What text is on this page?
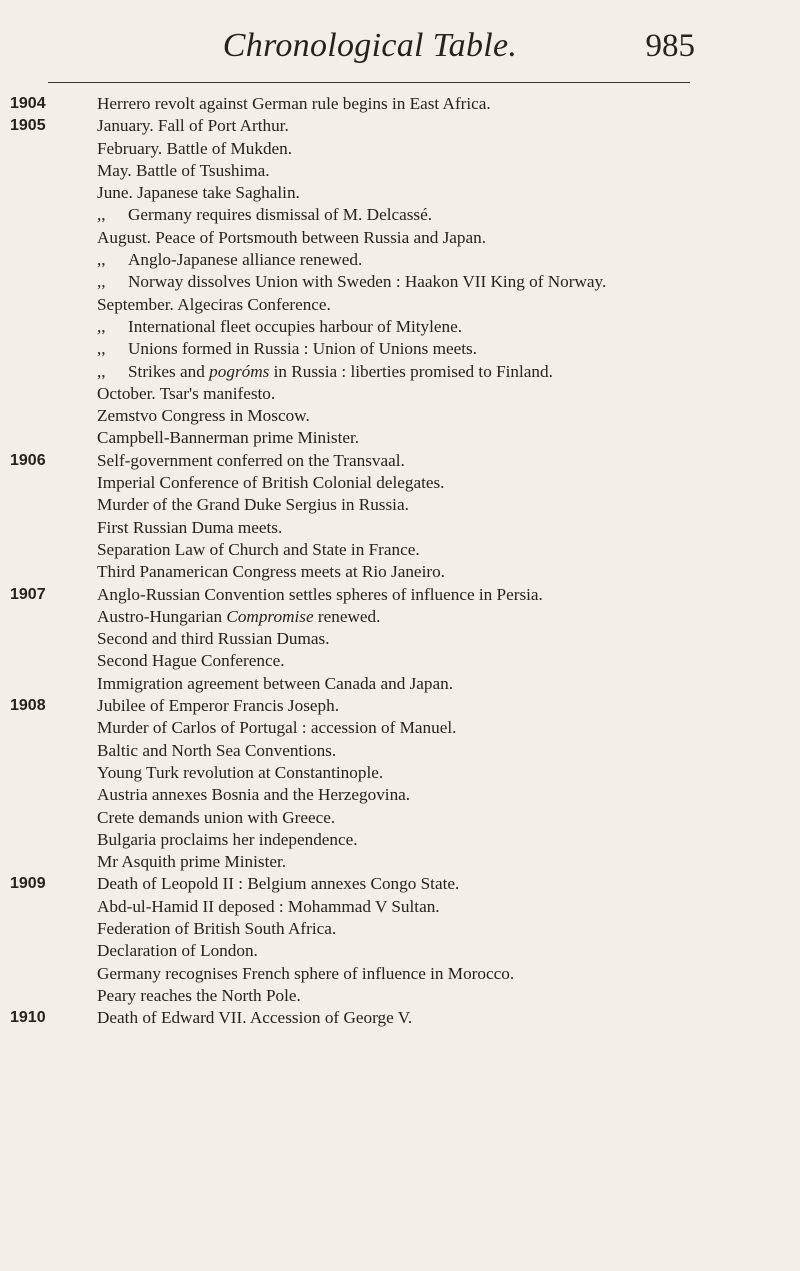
Chronological Table.	985
1904	Herrero revolt against German rule begins in East Africa.
1905	January. Fall of Port Arthur.
February. Battle of Mukden.
May. Battle of Tsushima.
June. Japanese take Saghalin.
,, Germany requires dismissal of M. Delcassé.
August. Peace of Portsmouth between Russia and Japan.
,, Anglo-Japanese alliance renewed.
,, Norway dissolves Union with Sweden : Haakon VII King of Norway.
September. Algeciras Conference.
,, International fleet occupies harbour of Mitylene.
,, Unions formed in Russia : Union of Unions meets.
,, Strikes and pogróms in Russia : liberties promised to Finland.
October. Tsar's manifesto.
Zemstvo Congress in Moscow.
Campbell-Bannerman prime Minister.
1906	Self-government conferred on the Transvaal.
Imperial Conference of British Colonial delegates.
Murder of the Grand Duke Sergius in Russia.
First Russian Duma meets.
Separation Law of Church and State in France.
Third Panamerican Congress meets at Rio Janeiro.
1907	Anglo-Russian Convention settles spheres of influence in Persia.
Austro-Hungarian Compromise renewed.
Second and third Russian Dumas.
Second Hague Conference.
Immigration agreement between Canada and Japan.
1908	Jubilee of Emperor Francis Joseph.
Murder of Carlos of Portugal : accession of Manuel.
Baltic and North Sea Conventions.
Young Turk revolution at Constantinople.
Austria annexes Bosnia and the Herzegovina.
Crete demands union with Greece.
Bulgaria proclaims her independence.
Mr Asquith prime Minister.
1909	Death of Leopold II : Belgium annexes Congo State.
Abd-ul-Hamid II deposed : Mohammad V Sultan.
Federation of British South Africa.
Declaration of London.
Germany recognises French sphere of influence in Morocco.
Peary reaches the North Pole.
1910	Death of Edward VII. Accession of George V.
